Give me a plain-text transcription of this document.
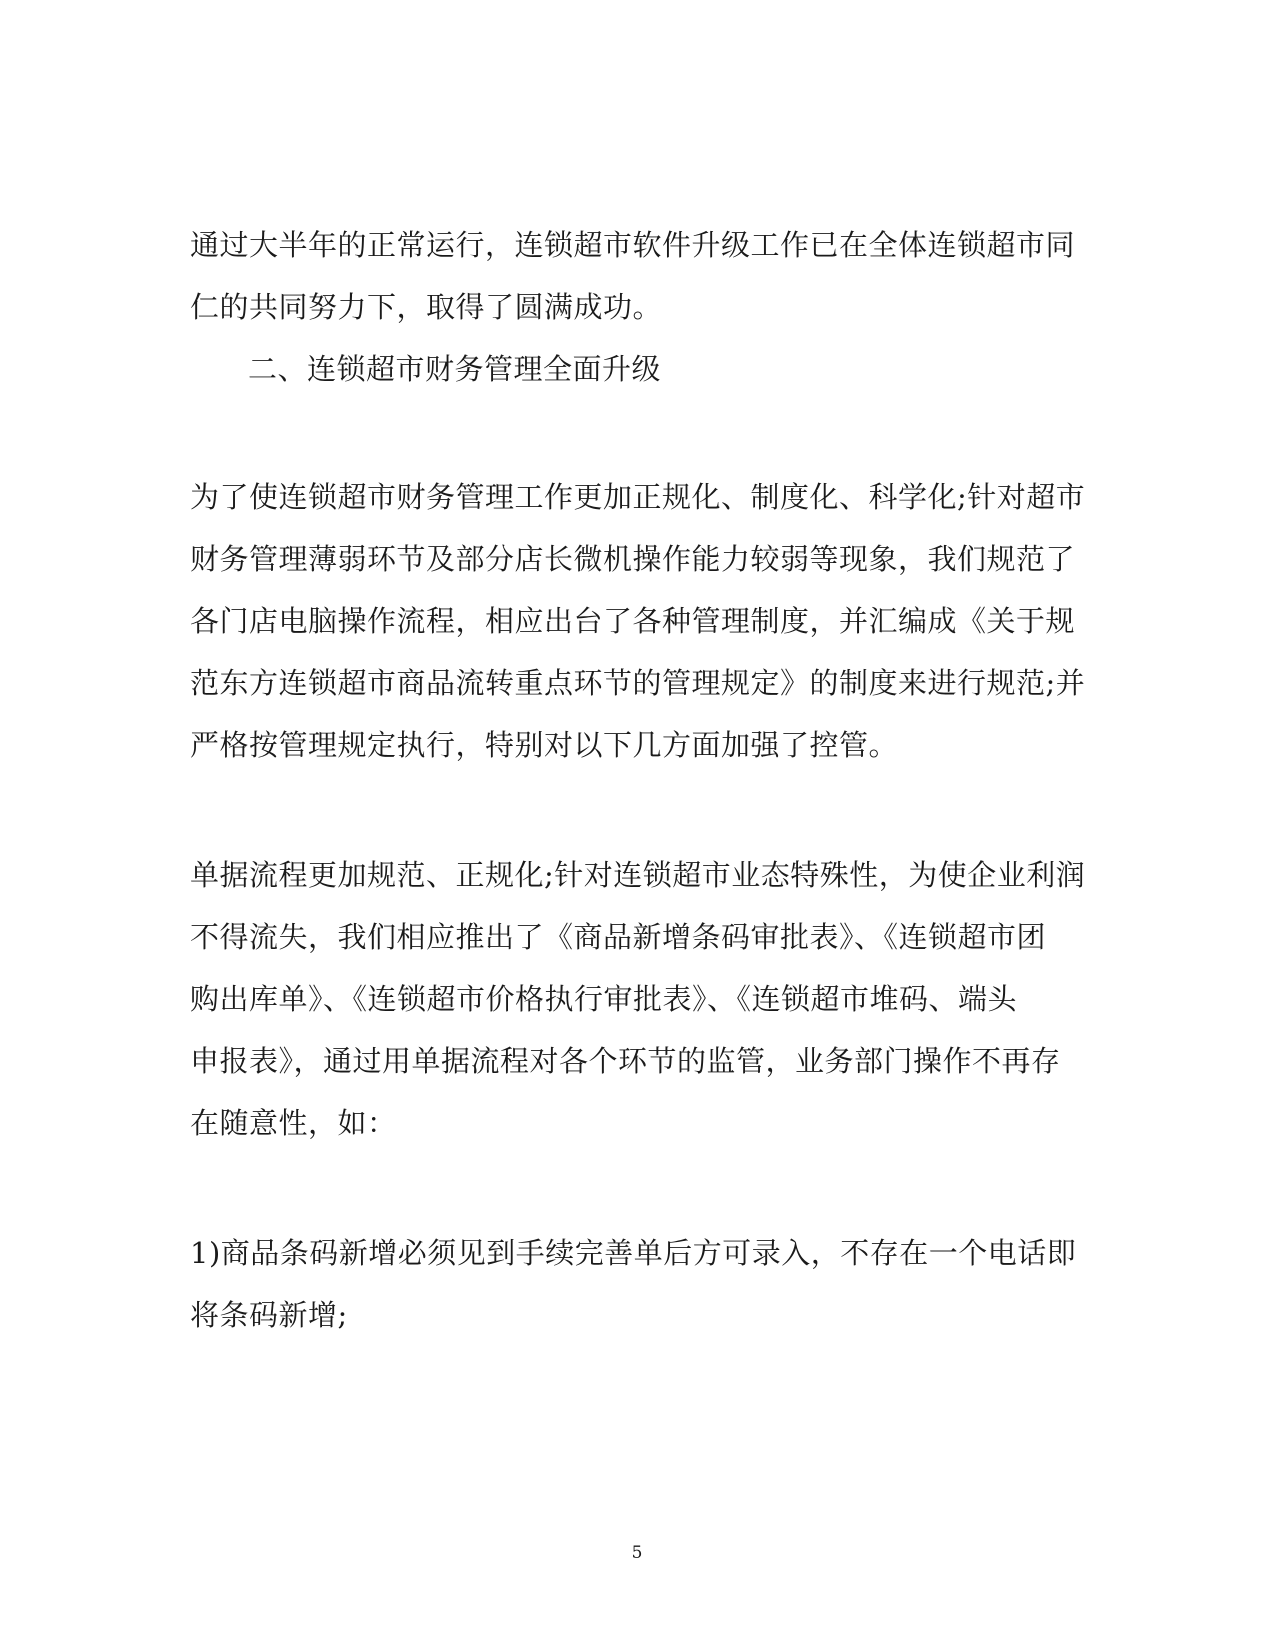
通过大半年的正常运行，连锁超市软件升级工作已在全体连锁超市同
仁的共同努力下，取得了圆满成功。
二、连锁超市财务管理全面升级
为了使连锁超市财务管理工作更加正规化、制度化、科学化;针对超市
财务管理薄弱环节及部分店长微机操作能力较弱等现象，我们规范了
各门店电脑操作流程，相应出台了各种管理制度，并汇编成《关于规
范东方连锁超市商品流转重点环节的管理规定》的制度来进行规范;并
严格按管理规定执行，特别对以下几方面加强了控管。
单据流程更加规范、正规化;针对连锁超市业态特殊性，为使企业利润
不得流失，我们相应推出了《商品新增条码审批表》、《连锁超市团
购出库单》、《连锁超市价格执行审批表》、《连锁超市堆码、端头
申报表》，通过用单据流程对各个环节的监管，业务部门操作不再存
在随意性，如：
1)商品条码新增必须见到手续完善单后方可录入，不存在一个电话即
将条码新增;
5
